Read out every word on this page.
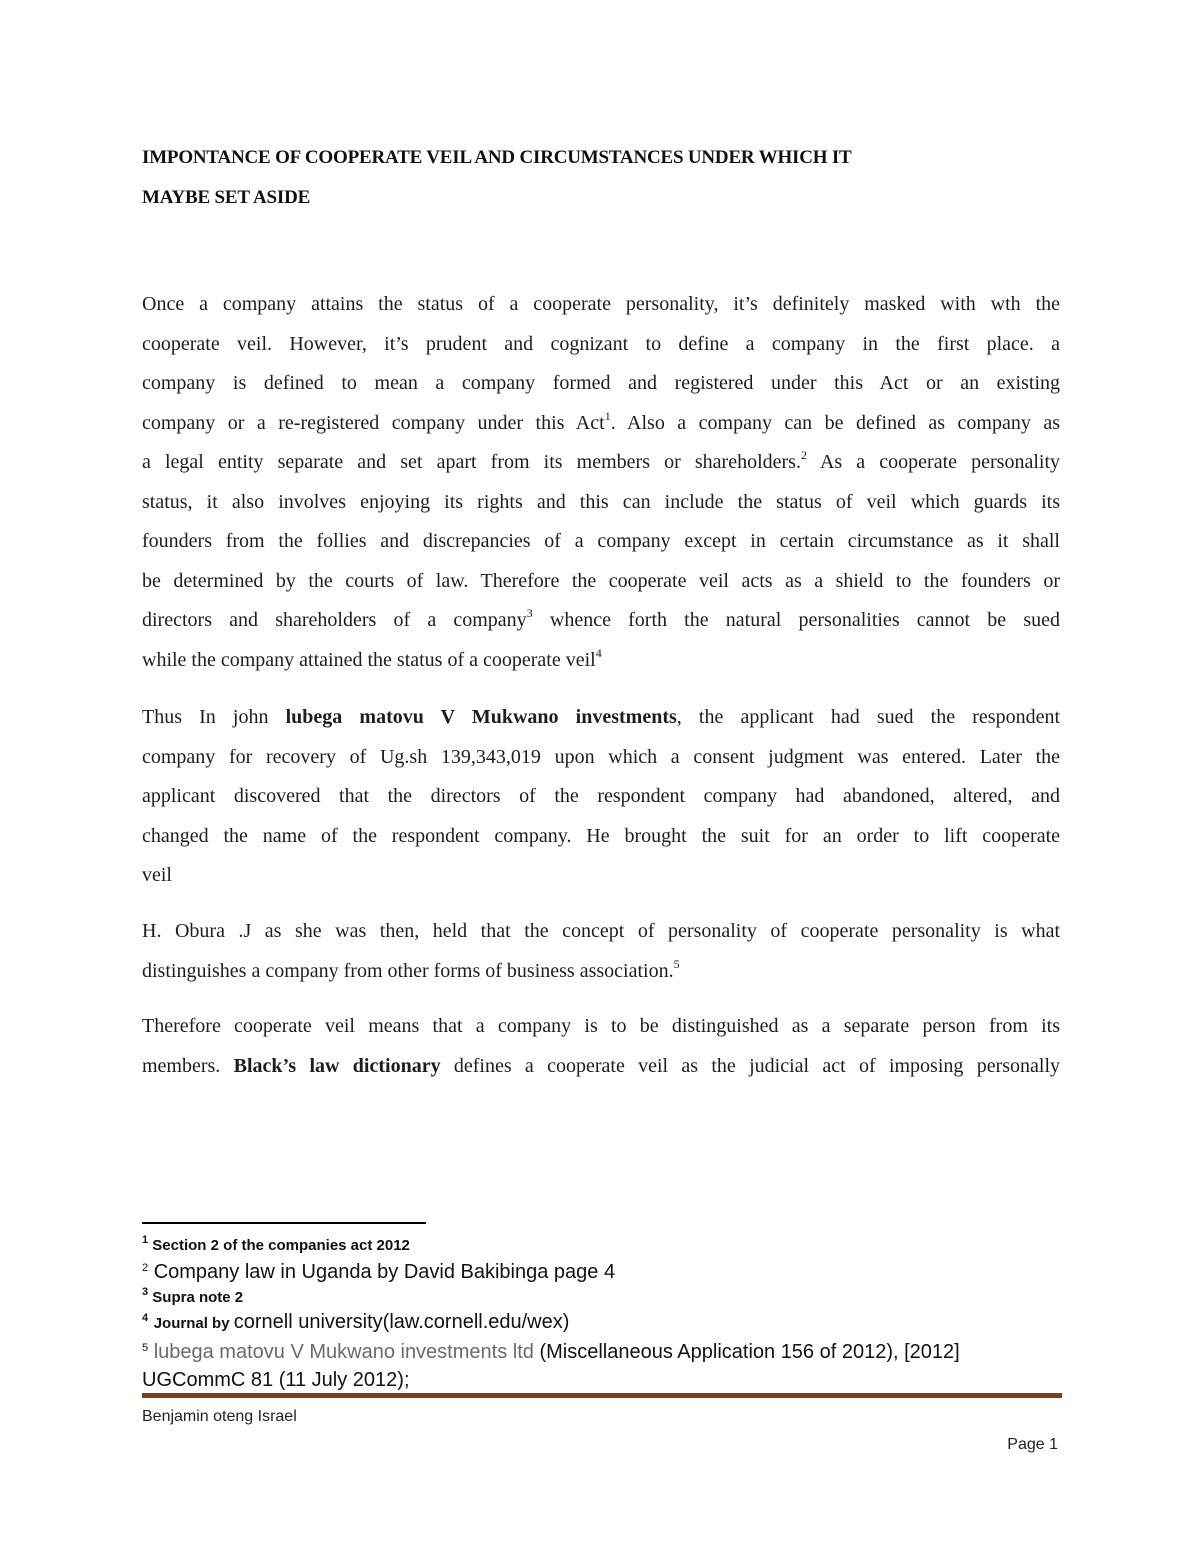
IMPONTANCE OF COOPERATE VEIL AND CIRCUMSTANCES UNDER WHICH IT
MAYBE SET ASIDE
Once a company attains the status of a cooperate personality, it’s definitely masked with wth the
cooperate veil. However, it’s prudent and cognizant to define a company in the first place. a
company is defined to mean a company formed and registered under this Act or an existing
company or a re-registered company under this Act$^1$. Also a company can be defined as company as
a legal entity separate and set apart from its members or shareholders.$^2$ As a cooperate personality
status, it also involves enjoying its rights and this can include the status of veil which guards its
founders from the follies and discrepancies of a company except in certain circumstance as it shall
be determined by the courts of law. Therefore the cooperate veil acts as a shield to the founders or
directors and shareholders of a company$^3$ whence forth the natural personalities cannot be sued
while the company attained the status of a cooperate veil$^4$
Thus In john lubega matovu V Mukwano investments, the applicant had sued the respondent
company for recovery of Ug.sh 139,343,019 upon which a consent judgment was entered. Later the
applicant discovered that the directors of the respondent company had abandoned, altered, and
changed the name of the respondent company. He brought the suit for an order to lift cooperate
veil
H. Obura .J as she was then, held that the concept of personality of cooperate personality is what
distinguishes a company from other forms of business association.$^5$
Therefore cooperate veil means that a company is to be distinguished as a separate person from its
members. Black’s law dictionary defines a cooperate veil as the judicial act of imposing personally
$^1$ Section 2 of the companies act 2012
$^2$ Company law in Uganda by David Bakibinga page 4
$^3$ Supra note 2
$^4$ Journal by cornell university(law.cornell.edu/wex)
$^5$ lubega matovu V Mukwano investments ltd (Miscellaneous Application 156 of 2012), [2012]
UGCommC 81 (11 July 2012);
Benjamin oteng Israel
Page 1
